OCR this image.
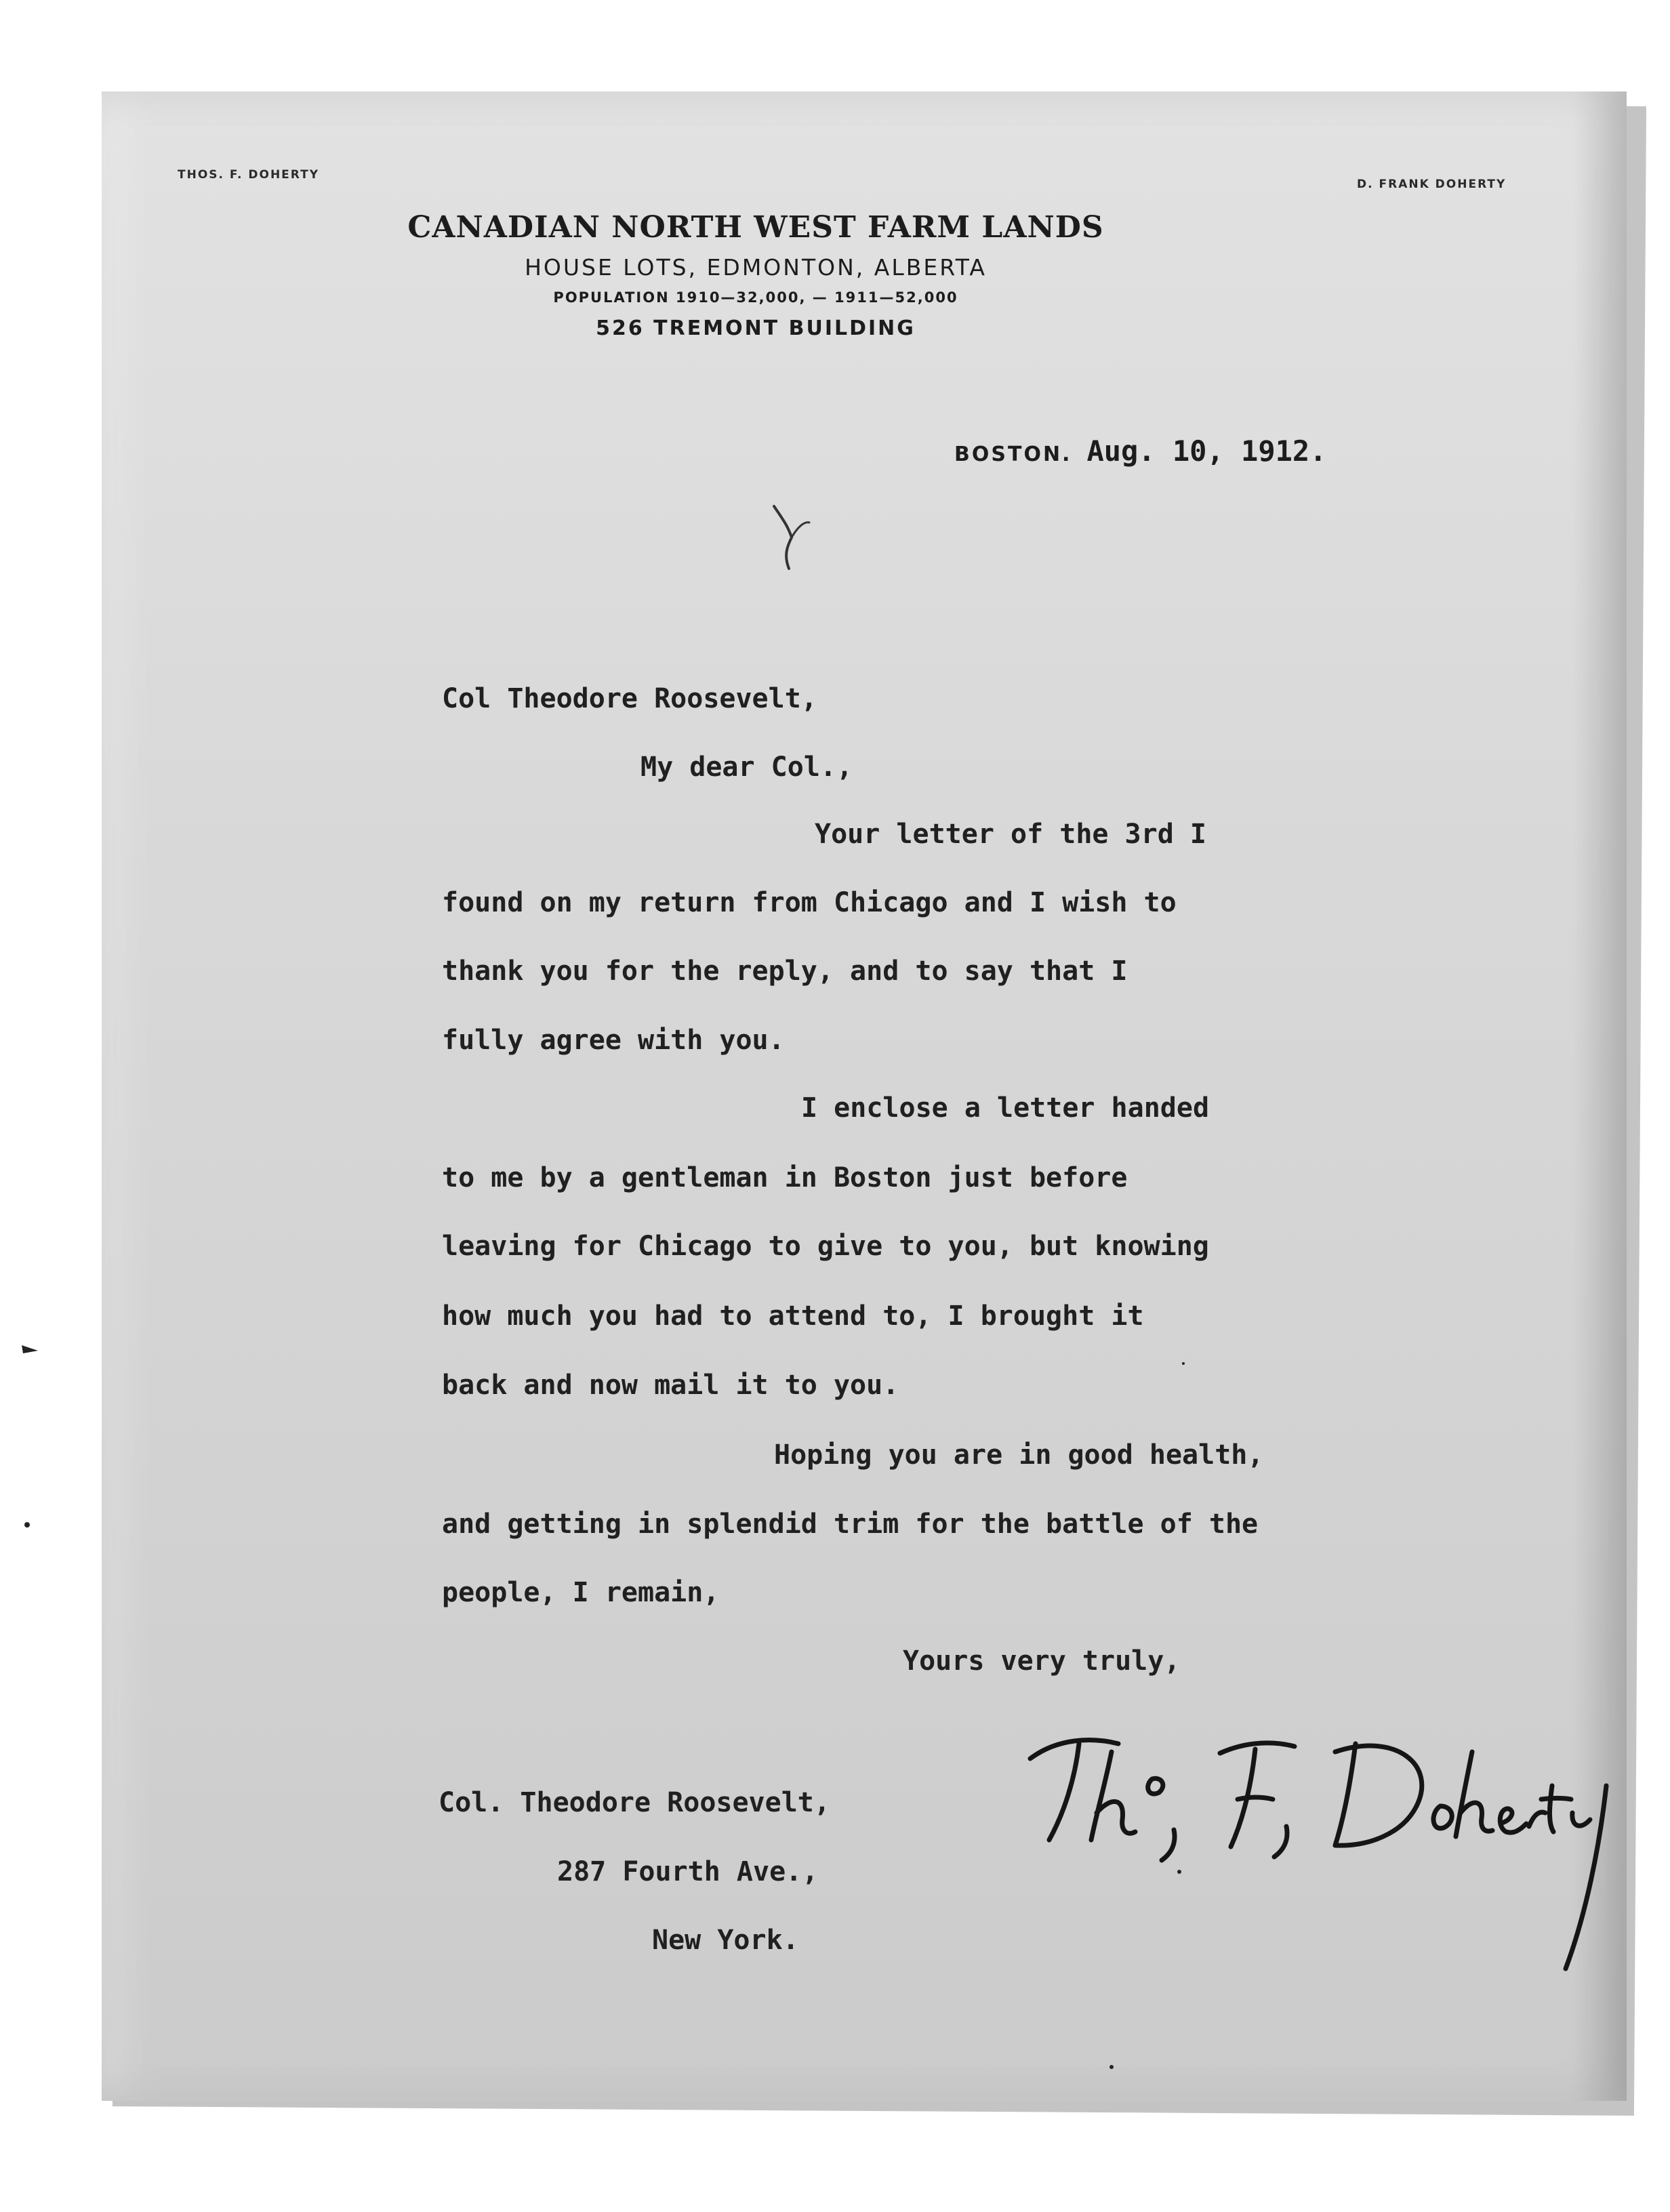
THOS. F. DOHERTY
D. FRANK DOHERTY
CANADIAN NORTH WEST FARM LANDS
HOUSE LOTS, EDMONTON, ALBERTA
POPULATION 1910—32,000, — 1911—52,000
526 TREMONT BUILDING
BOSTON. Aug. 10, 1912.
Col Theodore Roosevelt,
My dear Col.,
Your letter of the 3rd I
found on my return from Chicago and I wish to
thank you for the reply, and to say that I
fully agree with you.
I enclose a letter handed
to me by a gentleman in Boston just before
leaving for Chicago to give to you, but knowing
how much you had to attend to, I brought it
back and now mail it to you.
Hoping you are in good health,
and getting in splendid trim for the battle of the
people, I remain,
Yours very truly,
Col. Theodore Roosevelt,
287 Fourth Ave.,
New York.
